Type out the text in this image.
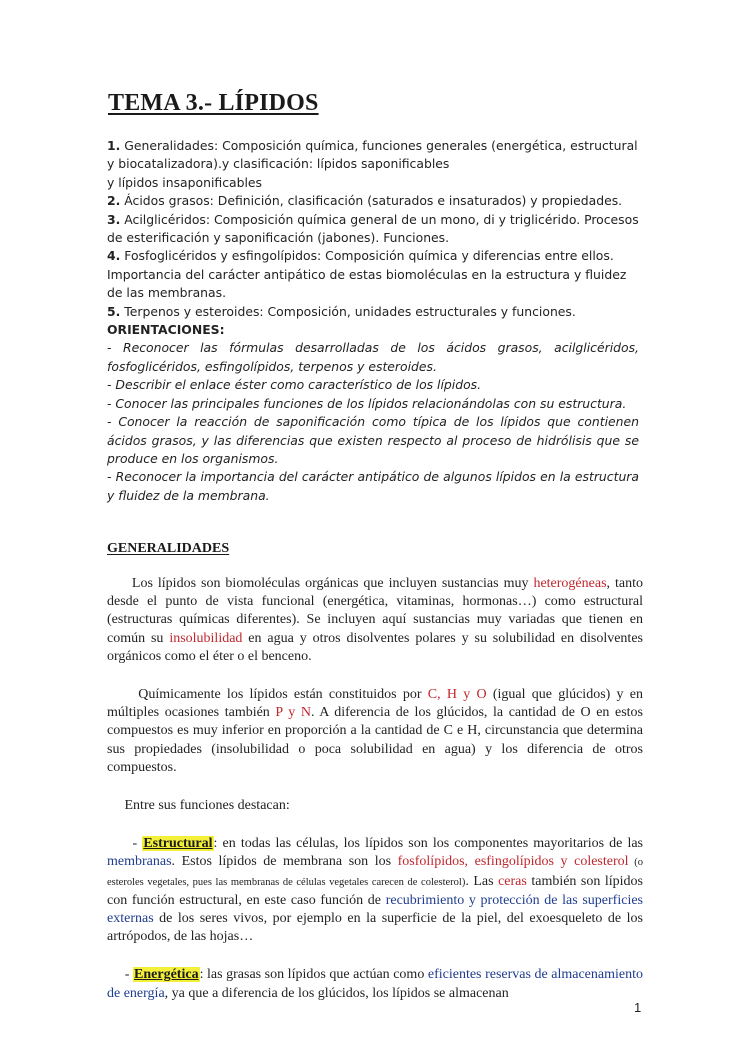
TEMA 3.- LÍPIDOS

1. Generalidades: Composición química, funciones generales (energética, estructural y biocatalizadora).y clasificación: lípidos saponificables

y lípidos insaponificables

2. Ácidos grasos: Definición, clasificación (saturados e insaturados) y propiedades.

3. Acilglicéridos: Composición química general de un mono, di y triglicérido. Procesos de esterificación y saponificación (jabones). Funciones.

4. Fosfoglicéridos y esfingolípidos: Composición química y diferencias entre ellos. Importancia del carácter antipático de estas biomoléculas en la estructura y fluidez de las membranas.

5. Terpenos y esteroides: Composición, unidades estructurales y funciones.

ORIENTACIONES:

- Reconocer las fórmulas desarrolladas de los ácidos grasos, acilglicéridos, fosfoglicéridos, esfingolípidos, terpenos y esteroides.

- Describir el enlace éster como característico de los lípidos.

- Conocer las principales funciones de los lípidos relacionándolas con su estructura.

- Conocer la reacción de saponificación como típica de los lípidos que contienen ácidos grasos, y las diferencias que existen respecto al proceso de hidrólisis que se produce en los organismos.

- Reconocer la importancia del carácter antipático de algunos lípidos en la estructura y fluidez de la membrana.

GENERALIDADES

Los lípidos son biomoléculas orgánicas que incluyen sustancias muy heterogéneas, tanto desde el punto de vista funcional (energética, vitaminas, hormonas…) como estructural (estructuras químicas diferentes). Se incluyen aquí sustancias muy variadas que tienen en común su insolubilidad en agua y otros disolventes polares y su solubilidad en disolventes orgánicos como el éter o el benceno.

Químicamente los lípidos están constituidos por C, H y O (igual que glúcidos) y en múltiples ocasiones también P y N. A diferencia de los glúcidos, la cantidad de O en estos compuestos es muy inferior en proporción a la cantidad de C e H, circunstancia que determina sus propiedades (insolubilidad o poca solubilidad en agua) y los diferencia de otros compuestos.

Entre sus funciones destacan:

- Estructural: en todas las células, los lípidos son los componentes mayoritarios de las membranas. Estos lípidos de membrana son los fosfolípidos, esfingolípidos y colesterol (o esteroles vegetales, pues las membranas de células vegetales carecen de colesterol). Las ceras también son lípidos con función estructural, en este caso función de recubrimiento y protección de las superficies externas de los seres vivos, por ejemplo en la superficie de la piel, del exoesqueleto de los artrópodos, de las hojas…

- Energética: las grasas son lípidos que actúan como eficientes reservas de almacenamiento de energía, ya que a diferencia de los glúcidos, los lípidos se almacenan

1
